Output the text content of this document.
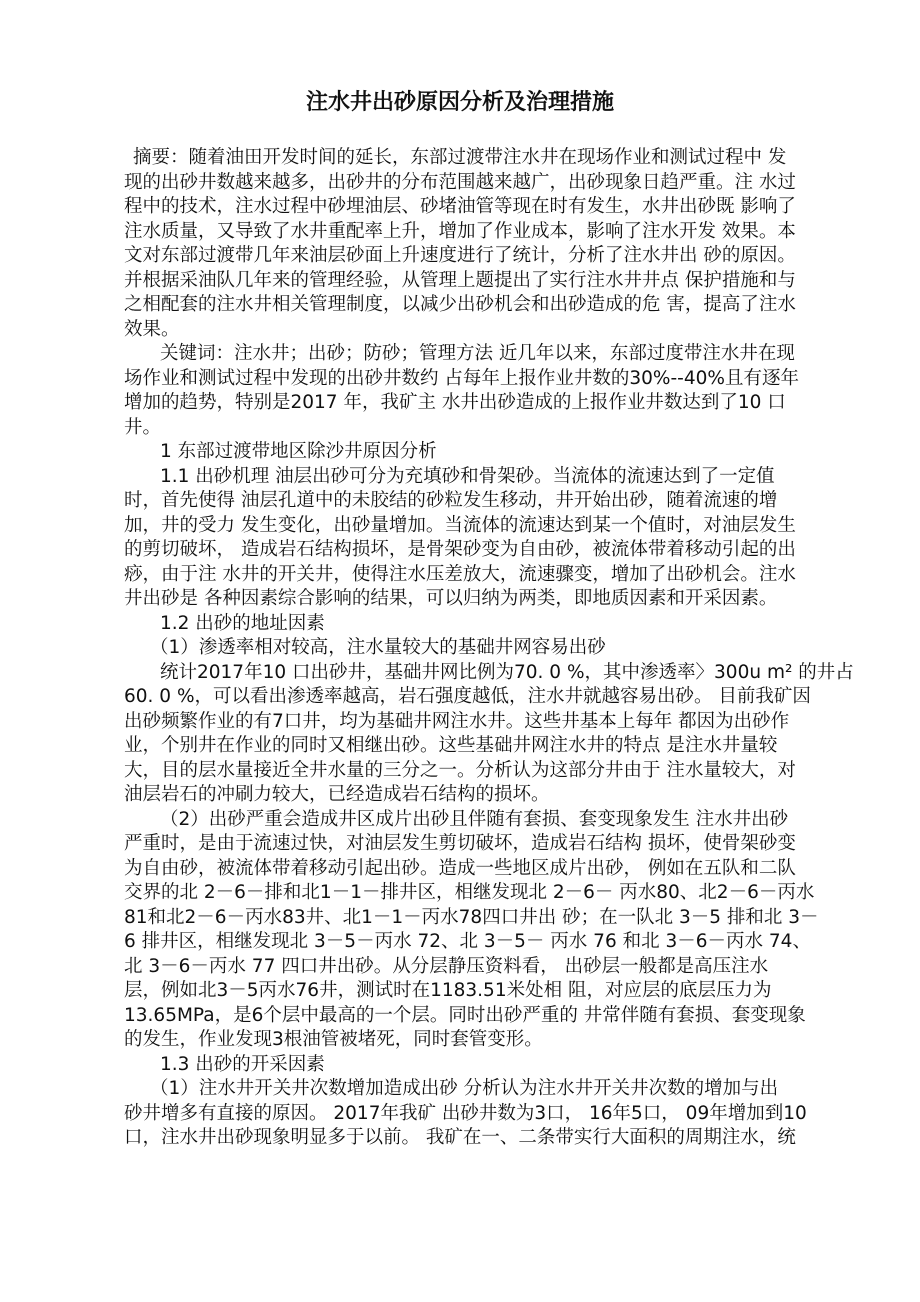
注水井出砂原因分析及治理措施
摘要：随着油田开发时间的延长，东部过渡带注水井在现场作业和测试过程中 发
现的出砂井数越来越多，出砂井的分布范围越来越广，出砂现象日趋严重。注 水过
程中的技术，注水过程中砂埋油层、砂堵油管等现在时有发生，水井出砂既 影响了
注水质量，又导致了水井重配率上升，增加了作业成本，影响了注水开发 效果。本
文对东部过渡带几年来油层砂面上升速度进行了统计，分析了注水井出 砂的原因。
并根据采油队几年来的管理经验，从管理上题提出了实行注水井井点 保护措施和与
之相配套的注水井相关管理制度，以减少出砂机会和出砂造成的危 害，提高了注水
效果。
关键词：注水井；出砂；防砂；管理方法 近几年以来，东部过度带注水井在现
场作业和测试过程中发现的出砂井数约 占每年上报作业井数的30%--40%且有逐年
增加的趋势，特别是2017 年，我矿主 水井出砂造成的上报作业井数达到了10 口
井。
1 东部过渡带地区除沙井原因分析
1.1 出砂机理 油层出砂可分为充填砂和骨架砂。当流体的流速达到了一定值
时，首先使得 油层孔道中的未胶结的砂粒发生移动，井开始出砂，随着流速的增
加，井的受力 发生变化，出砂量增加。当流体的流速达到某一个值时，对油层发生
的剪切破坏， 造成岩石结构损坏，是骨架砂变为自由砂，被流体带着移动引起的出
痧，由于注 水井的开关井，使得注水压差放大，流速骤变，增加了出砂机会。注水
井出砂是 各种因素综合影响的结果，可以归纳为两类，即地质因素和开采因素。
1.2 出砂的地址因素
（1）渗透率相对较高，注水量较大的基础井网容易出砂
统计2017年10 口出砂井，基础井网比例为70. 0 %，其中渗透率〉300u m² 的井占
60. 0 %，可以看出渗透率越高，岩石强度越低，注水井就越容易出砂。 目前我矿因
出砂频繁作业的有7口井，均为基础井网注水井。这些井基本上每年 都因为出砂作
业，个别井在作业的同时又相继出砂。这些基础井网注水井的特点 是注水井量较
大，目的层水量接近全井水量的三分之一。分析认为这部分井由于 注水量较大，对
油层岩石的冲刷力较大，已经造成岩石结构的损坏。
（2）出砂严重会造成井区成片出砂且伴随有套损、套变现象发生 注水井出砂
严重时，是由于流速过快，对油层发生剪切破坏，造成岩石结构 损坏，使骨架砂变
为自由砂，被流体带着移动引起出砂。造成一些地区成片出砂， 例如在五队和二队
交界的北 2－6－排和北1－1－排井区，相继发现北 2－6－ 丙水80、北2－6－丙水
81和北2－6－丙水83井、北1－1－丙水78四口井出 砂；在一队北 3－5 排和北 3－
6 排井区，相继发现北 3－5－丙水 72、北 3－5－ 丙水 76 和北 3－6－丙水 74、
北 3－6－丙水 77 四口井出砂。从分层静压资料看， 出砂层一般都是高压注水
层，例如北3－5丙水76井，测试时在1183.51米处相 阻，对应层的底层压力为
13.65MPa，是6个层中最高的一个层。同时出砂严重的 井常伴随有套损、套变现象
的发生，作业发现3根油管被堵死，同时套管变形。
1.3 出砂的开采因素
（1）注水井开关井次数增加造成出砂 分析认为注水井开关井次数的增加与出
砂井增多有直接的原因。 2017年我矿 出砂井数为3口， 16年5口， 09年增加到10
口，注水井出砂现象明显多于以前。 我矿在一、二条带实行大面积的周期注水，统
